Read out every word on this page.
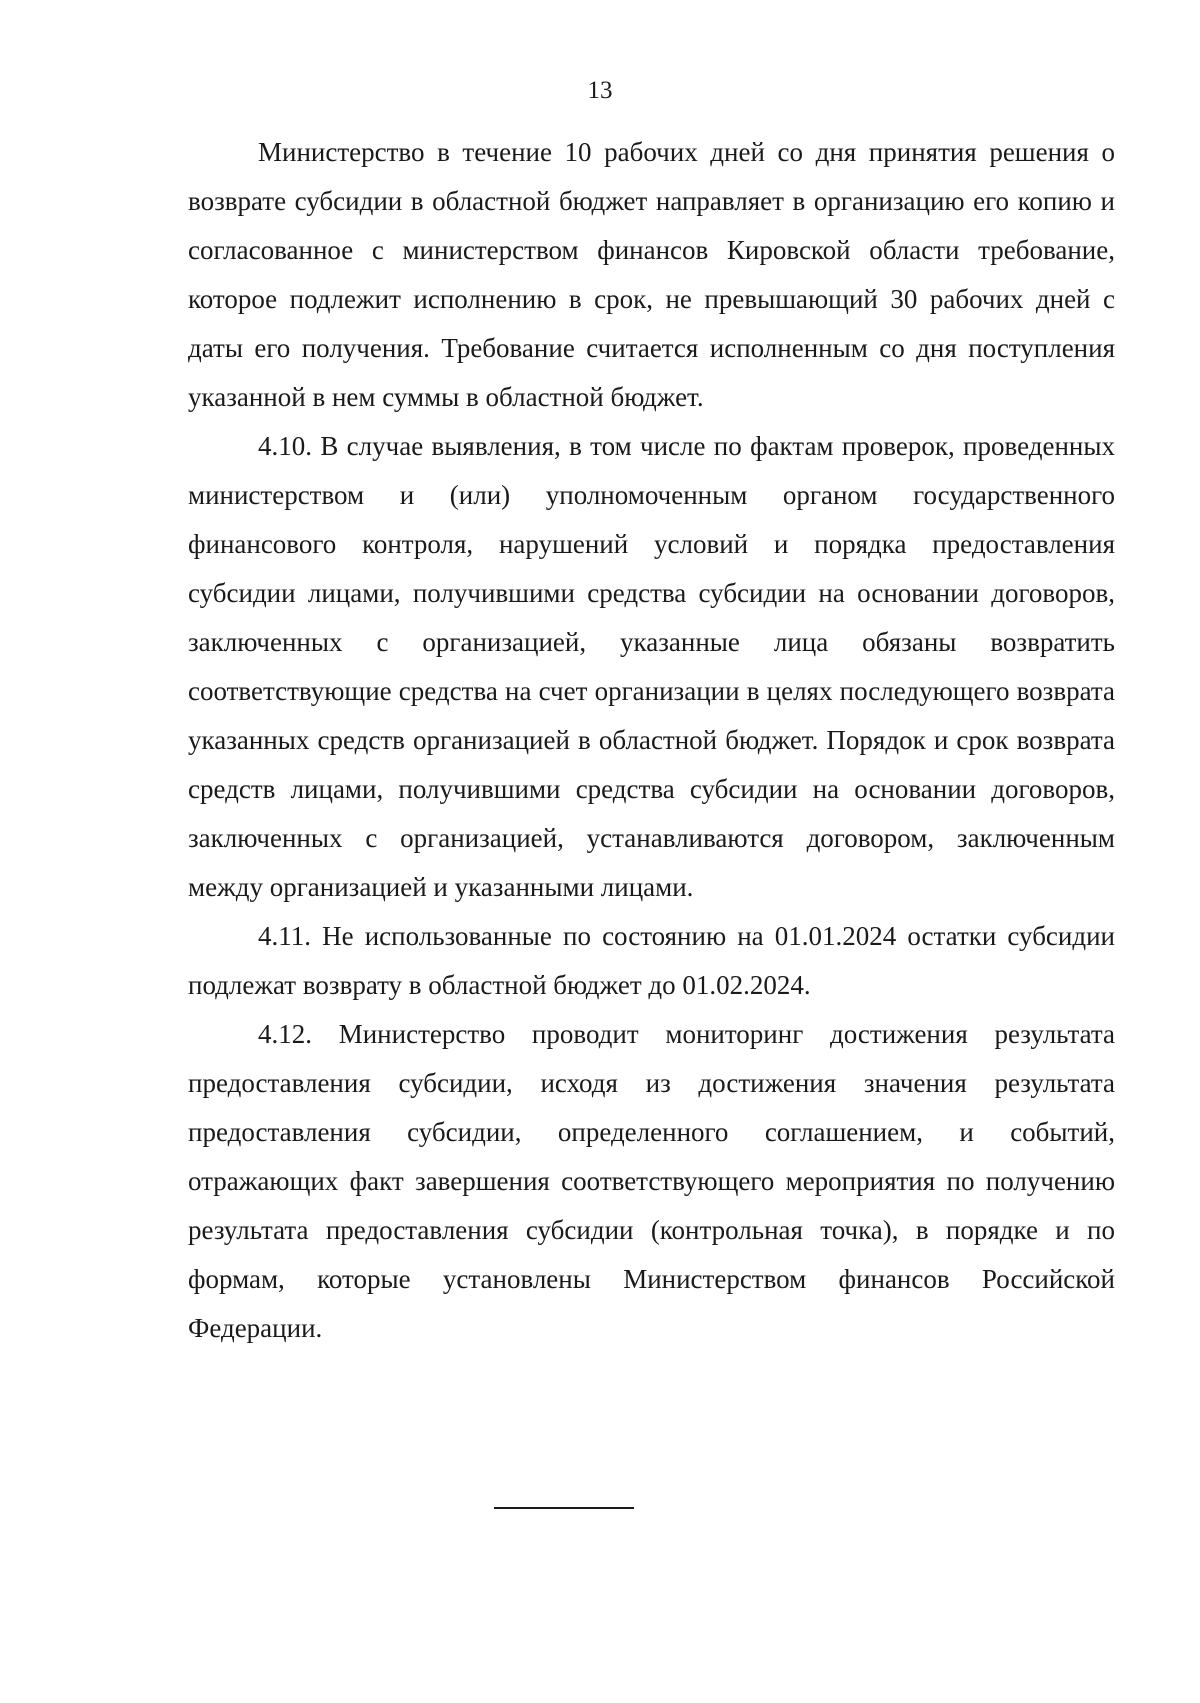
13

Министерство в течение 10 рабочих дней со дня принятия решения о возврате субсидии в областной бюджет направляет в организацию его копию и согласованное с министерством финансов Кировской области требование, которое подлежит исполнению в срок, не превышающий 30 рабочих дней с даты его получения. Требование считается исполненным со дня поступления указанной в нем суммы в областной бюджет.

4.10. В случае выявления, в том числе по фактам проверок, проведенных министерством и (или) уполномоченным органом государственного финансового контроля, нарушений условий и порядка предоставления субсидии лицами, получившими средства субсидии на основании договоров, заключенных с организацией, указанные лица обязаны возвратить соответствующие средства на счет организации в целях последующего возврата указанных средств организацией в областной бюджет. Порядок и срок возврата средств лицами, получившими средства субсидии на основании договоров, заключенных с организацией, устанавливаются договором, заключенным между организацией и указанными лицами.

4.11. Не использованные по состоянию на 01.01.2024 остатки субсидии подлежат возврату в областной бюджет до 01.02.2024.

4.12. Министерство проводит мониторинг достижения результата предоставления субсидии, исходя из достижения значения результата предоставления субсидии, определенного соглашением, и событий, отражающих факт завершения соответствующего мероприятия по получению результата предоставления субсидии (контрольная точка), в порядке и по формам, которые установлены Министерством финансов Российской Федерации.
